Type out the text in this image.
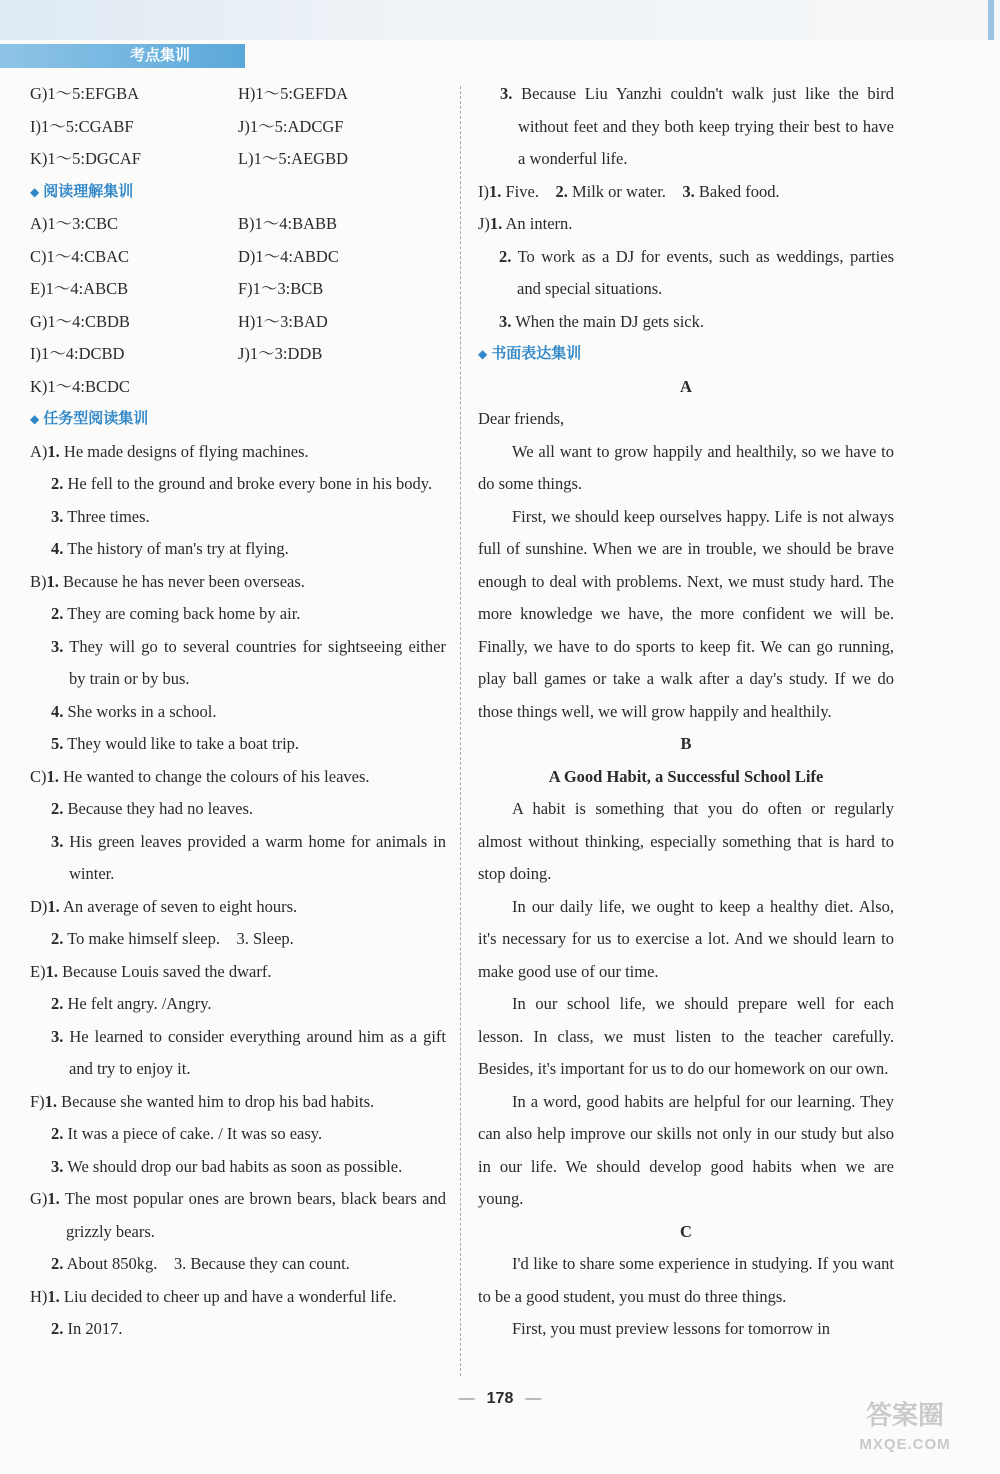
考点集训
G)1～5:EFGBA	H)1～5:GEFDA
I)1～5:CGABF	J)1～5:ADCGF
K)1～5:DGCAF	L)1～5:AEGBD
◆ 阅读理解集训
A)1～3:CBC	B)1～4:BABB
C)1～4:CBAC	D)1～4:ABDC
E)1～4:ABCB	F)1～3:BCB
G)1～4:CBDB	H)1～3:BAD
I)1～4:DCBD	J)1～3:DDB
K)1～4:BCDC
◆ 任务型阅读集训
A)1. He made designs of flying machines.
2. He fell to the ground and broke every bone in his body.
3. Three times.
4. The history of man's try at flying.
B)1. Because he has never been overseas.
2. They are coming back home by air.
3. They will go to several countries for sightseeing either by train or by bus.
4. She works in a school.
5. They would like to take a boat trip.
C)1. He wanted to change the colours of his leaves.
2. Because they had no leaves.
3. His green leaves provided a warm home for animals in winter.
D)1. An average of seven to eight hours.
2. To make himself sleep.　3. Sleep.
E)1. Because Louis saved the dwarf.
2. He felt angry. /Angry.
3. He learned to consider everything around him as a gift and try to enjoy it.
F)1. Because she wanted him to drop his bad habits.
2. It was a piece of cake. / It was so easy.
3. We should drop our bad habits as soon as possible.
G)1. The most popular ones are brown bears, black bears and grizzly bears.
2. About 850kg.　3. Because they can count.
H)1. Liu decided to cheer up and have a wonderful life.
2. In 2017.
3. Because Liu Yanzhi couldn't walk just like the bird without feet and they both keep trying their best to have a wonderful life.
I)1. Five.　 2. Milk or water.　 3. Baked food.
J)1. An intern.
2. To work as a DJ for events, such as weddings, parties and special situations.
3. When the main DJ gets sick.
◆ 书面表达集训
A
Dear friends,
We all want to grow happily and healthily, so we have to do some things.
First, we should keep ourselves happy. Life is not always full of sunshine. When we are in trouble, we should be brave enough to deal with problems. Next, we must study hard. The more knowledge we have, the more confident we will be. Finally, we have to do sports to keep fit. We can go running, play ball games or take a walk after a day's study. If we do those things well, we will grow happily and healthily.
B
A Good Habit, a Successful School Life
A habit is something that you do often or regularly almost without thinking, especially something that is hard to stop doing.
In our daily life, we ought to keep a healthy diet. Also, it's necessary for us to exercise a lot. And we should learn to make good use of our time.
In our school life, we should prepare well for each lesson. In class, we must listen to the teacher carefully. Besides, it's important for us to do our homework on our own.
In a word, good habits are helpful for our learning. They can also help improve our skills not only in our study but also in our life. We should develop good habits when we are young.
C
I'd like to share some experience in studying. If you want to be a good student, you must do three things.
First, you must preview lessons for tomorrow in
— 178 —
答案圈
MXQE.COM
